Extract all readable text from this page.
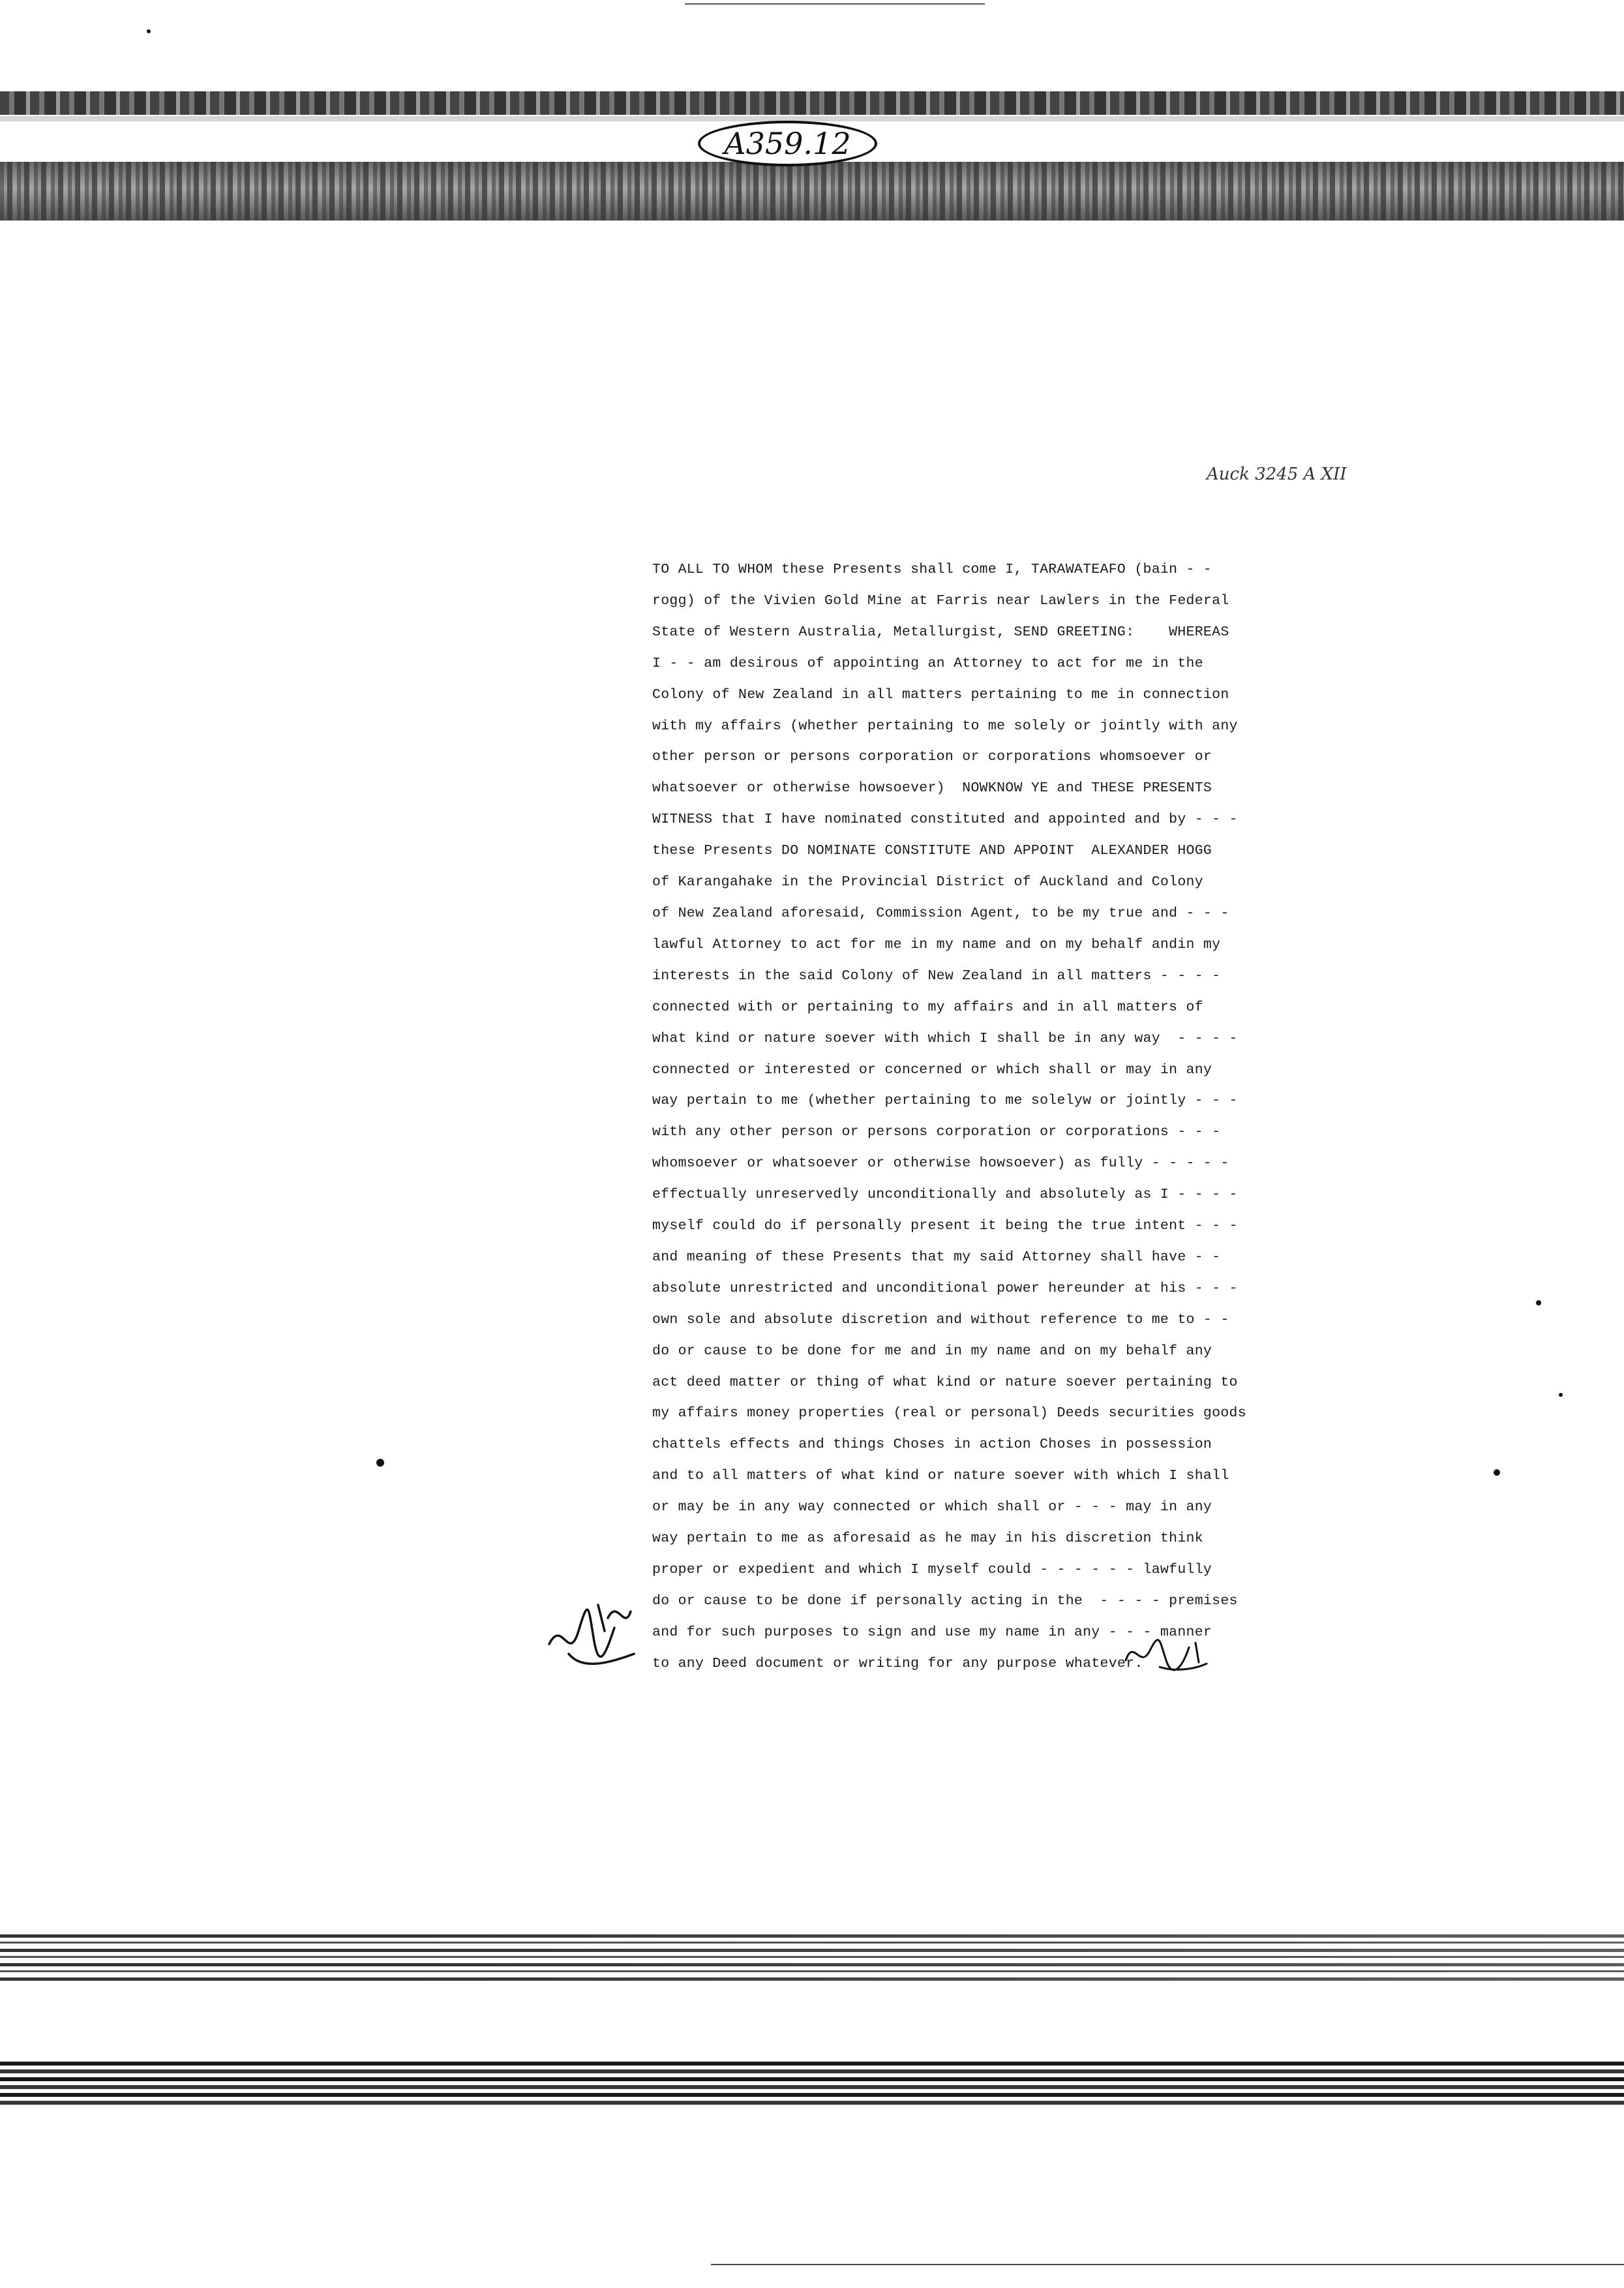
A359.12
Auck 3245 A XII
TO ALL TO WHOM these Presents shall come I, TARAWATEAFO (bain - -
rogg) of the Vivien Gold Mine at Farris near Lawlers in the Federal
State of Western Australia, Metallurgist, SEND GREETING:    WHEREAS
I - - am desirous of appointing an Attorney to act for me in the
Colony of New Zealand in all matters pertaining to me in connection
with my affairs (whether pertaining to me solely or jointly with any
other person or persons corporation or corporations whomsoever or
whatsoever or otherwise howsoever)  NOWKNOW YE and THESE PRESENTS
WITNESS that I have nominated constituted and appointed and by - - -
these Presents DO NOMINATE CONSTITUTE AND APPOINT  ALEXANDER HOGG
of Karangahake in the Provincial District of Auckland and Colony
of New Zealand aforesaid, Commission Agent, to be my true and - - -
lawful Attorney to act for me in my name and on my behalf andin my
interests in the said Colony of New Zealand in all matters - - - -
connected with or pertaining to my affairs and in all matters of
what kind or nature soever with which I shall be in any way  - - - -
connected or interested or concerned or which shall or may in any
way pertain to me (whether pertaining to me solelyw or jointly - - -
with any other person or persons corporation or corporations - - -
whomsoever or whatsoever or otherwise howsoever) as fully - - - - -
effectually unreservedly unconditionally and absolutely as I - - - -
myself could do if personally present it being the true intent - - -
and meaning of these Presents that my said Attorney shall have - -
absolute unrestricted and unconditional power hereunder at his - - -
own sole and absolute discretion and without reference to me to - -
do or cause to be done for me and in my name and on my behalf any
act deed matter or thing of what kind or nature soever pertaining to
my affairs money properties (real or personal) Deeds securities goods
chattels effects and things Choses in action Choses in possession
and to all matters of what kind or nature soever with which I shall
or may be in any way connected or which shall or - - - may in any
way pertain to me as aforesaid as he may in his discretion think
proper or expedient and which I myself could - - - - - - lawfully
do or cause to be done if personally acting in the  - - - - premises
and for such purposes to sign and use my name in any - - - manner
to any Deed document or writing for any purpose whatever.
